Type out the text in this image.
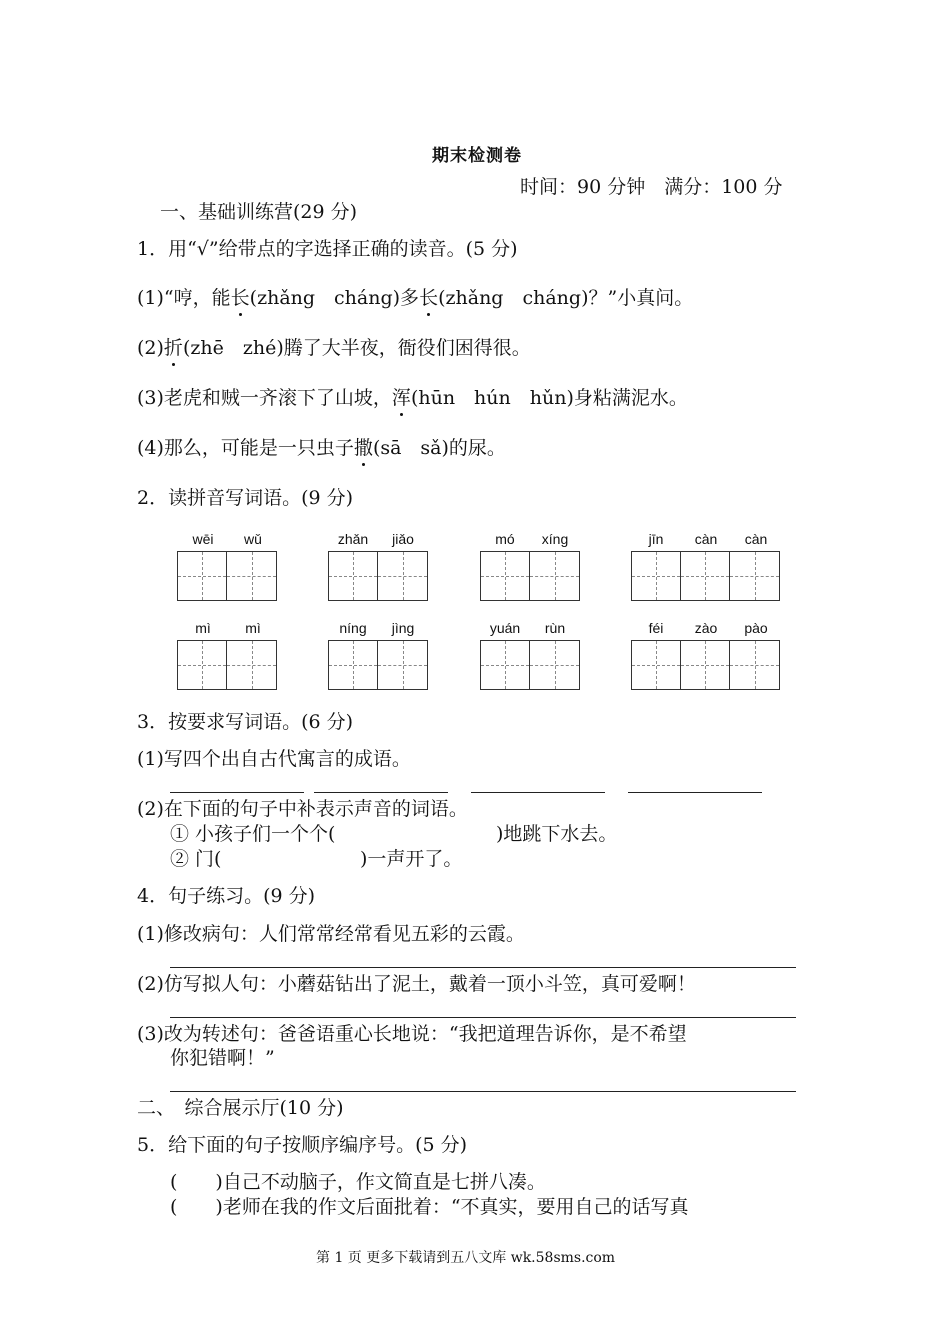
期末检测卷
时间：90 分钟　满分：100 分
一、基础训练营(29 分)
1．用“√”给带点的字选择正确的读音。(5 分)
(1)“哼，能长(zhǎng　cháng)多长(zhǎng　cháng)？”小真问。
(2)折(zhē　zhé)腾了大半夜，衙役们困得很。
(3)老虎和贼一齐滚下了山坡，浑(hūn　hún　hǔn)身粘满泥水。
(4)那么，可能是一只虫子撒(sā　sǎ)的尿。
2．读拼音写词语。(9 分)
wēi	wǔ	zhǎn	jiǎo	mó	xíng	jīn	càn	càn
mì	mì	níng	jìng	yuán	rùn	féi	zào	pào
3．按要求写词语。(6 分)
(1)写四个出自古代寓言的成语。
(2)在下面的句子中补表示声音的词语。
① 小孩子们一个个(	)地跳下水去。
② 门(	)一声开了。
4．句子练习。(9 分)
(1)修改病句：人们常常经常看见五彩的云霞。
(2)仿写拟人句：小蘑菇钻出了泥土，戴着一顶小斗笠，真可爱啊！
(3)改为转述句：爸爸语重心长地说：“我把道理告诉你，是不希望
你犯错啊！”
二、　综合展示厅(10 分)
5．给下面的句子按顺序编序号。(5 分)
(　　)自己不动脑子，作文简直是七拼八凑。
(　　)老师在我的作文后面批着：“不真实，要用自己的话写真
第 1 页 更多下载请到五八文库 wk.58sms.com
